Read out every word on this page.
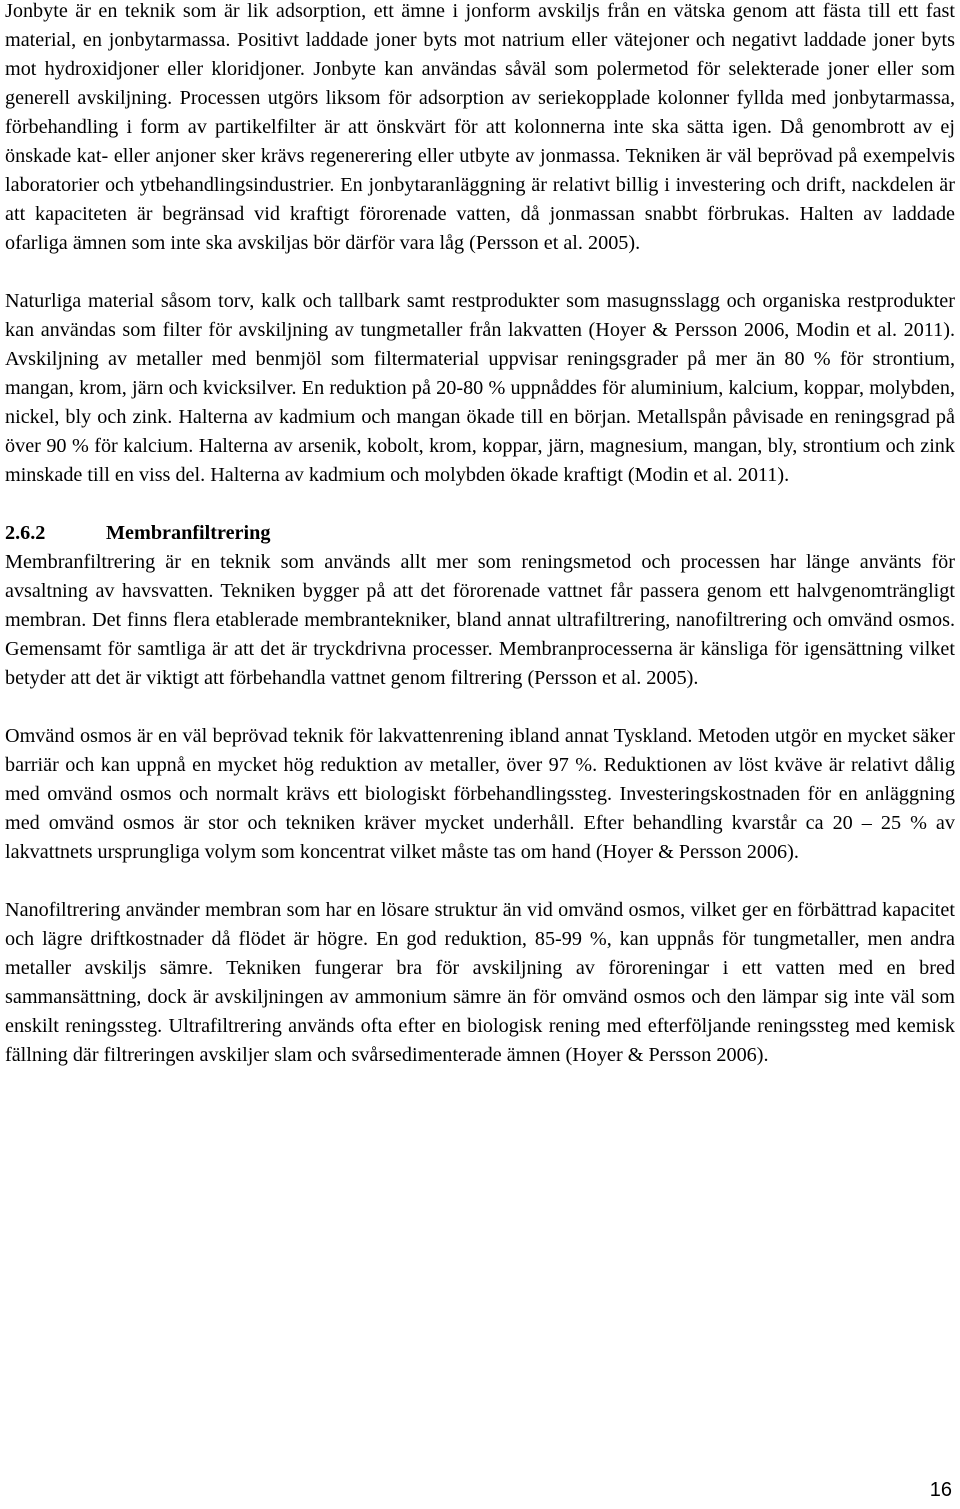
Jonbyte är en teknik som är lik adsorption, ett ämne i jonform avskiljs från en vätska genom att fästa till ett fast material, en jonbytarmassa. Positivt laddade joner byts mot natrium eller vätejoner och negativt laddade joner byts mot hydroxidjoner eller kloridjoner. Jonbyte kan användas såväl som polermetod för selekterade joner eller som generell avskiljning. Processen utgörs liksom för adsorption av seriekopplade kolonner fyllda med jonbytarmassa, förbehandling i form av partikelfilter är att önskvärt för att kolonnerna inte ska sätta igen. Då genombrott av ej önskade kat- eller anjoner sker krävs regenerering eller utbyte av jonmassa. Tekniken är väl beprövad på exempelvis laboratorier och ytbehandlingsindustrier. En jonbytaranläggning är relativt billig i investering och drift, nackdelen är att kapaciteten är begränsad vid kraftigt förorenade vatten, då jonmassan snabbt förbrukas. Halten av laddade ofarliga ämnen som inte ska avskiljas bör därför vara låg (Persson et al. 2005).

Naturliga material såsom torv, kalk och tallbark samt restprodukter som masugnsslagg och organiska restprodukter kan användas som filter för avskiljning av tungmetaller från lakvatten (Hoyer & Persson 2006, Modin et al. 2011). Avskiljning av metaller med benmjöl som filtermaterial uppvisar reningsgrader på mer än 80 % för strontium, mangan, krom, järn och kvicksilver. En reduktion på 20-80 % uppnåddes för aluminium, kalcium, koppar, molybden, nickel, bly och zink. Halterna av kadmium och mangan ökade till en början. Metallspån påvisade en reningsgrad på över 90 % för kalcium. Halterna av arsenik, kobolt, krom, koppar, järn, magnesium, mangan, bly, strontium och zink minskade till en viss del. Halterna av kadmium och molybden ökade kraftigt (Modin et al. 2011).

2.6.2	Membranfiltrering

Membranfiltrering är en teknik som används allt mer som reningsmetod och processen har länge använts för avsaltning av havsvatten. Tekniken bygger på att det förorenade vattnet får passera genom ett halvgenomträngligt membran. Det finns flera etablerade membrantekniker, bland annat ultrafiltrering, nanofiltrering och omvänd osmos. Gemensamt för samtliga är att det är tryckdrivna processer. Membranprocesserna är känsliga för igensättning vilket betyder att det är viktigt att förbehandla vattnet genom filtrering (Persson et al. 2005).

Omvänd osmos är en väl beprövad teknik för lakvattenrening ibland annat Tyskland. Metoden utgör en mycket säker barriär och kan uppnå en mycket hög reduktion av metaller, över 97 %. Reduktionen av löst kväve är relativt dålig med omvänd osmos och normalt krävs ett biologiskt förbehandlingssteg. Investeringskostnaden för en anläggning med omvänd osmos är stor och tekniken kräver mycket underhåll. Efter behandling kvarstår ca 20 – 25 % av lakvattnets ursprungliga volym som koncentrat vilket måste tas om hand (Hoyer & Persson 2006).

Nanofiltrering använder membran som har en lösare struktur än vid omvänd osmos, vilket ger en förbättrad kapacitet och lägre driftkostnader då flödet är högre. En god reduktion, 85-99 %, kan uppnås för tungmetaller, men andra metaller avskiljs sämre. Tekniken fungerar bra för avskiljning av föroreningar i ett vatten med en bred sammansättning, dock är avskiljningen av ammonium sämre än för omvänd osmos och den lämpar sig inte väl som enskilt reningssteg. Ultrafiltrering används ofta efter en biologisk rening med efterföljande reningssteg med kemisk fällning där filtreringen avskiljer slam och svårsedimenterade ämnen (Hoyer & Persson 2006).

16
